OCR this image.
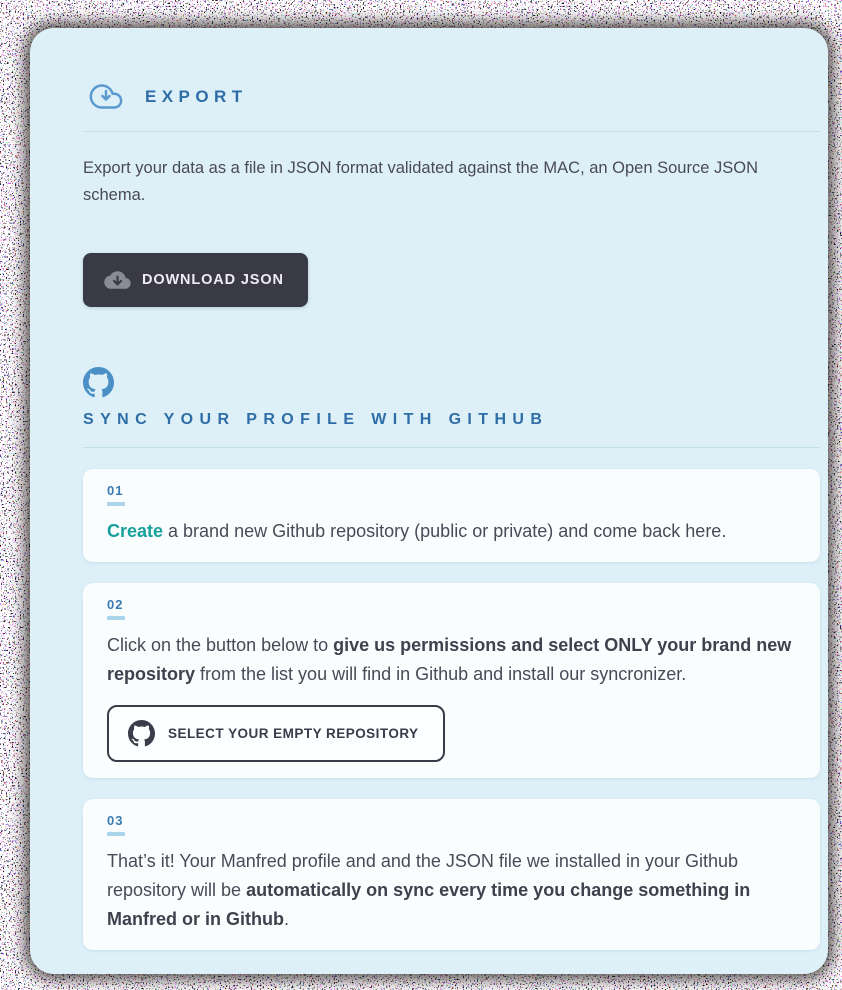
EXPORT

Export your data as a file in JSON format validated against the MAC, an Open Source JSON schema.

DOWNLOAD JSON
SYNC YOUR PROFILE WITH GITHUB
01
Create a brand new Github repository (public or private) and come back here.
02
Click on the button below to give us permissions and select ONLY your brand new repository from the list you will find in Github and install our syncronizer.
SELECT YOUR EMPTY REPOSITORY
03
That’s it! Your Manfred profile and and the JSON file we installed in your Github repository will be automatically on sync every time you change something in Manfred or in Github.
